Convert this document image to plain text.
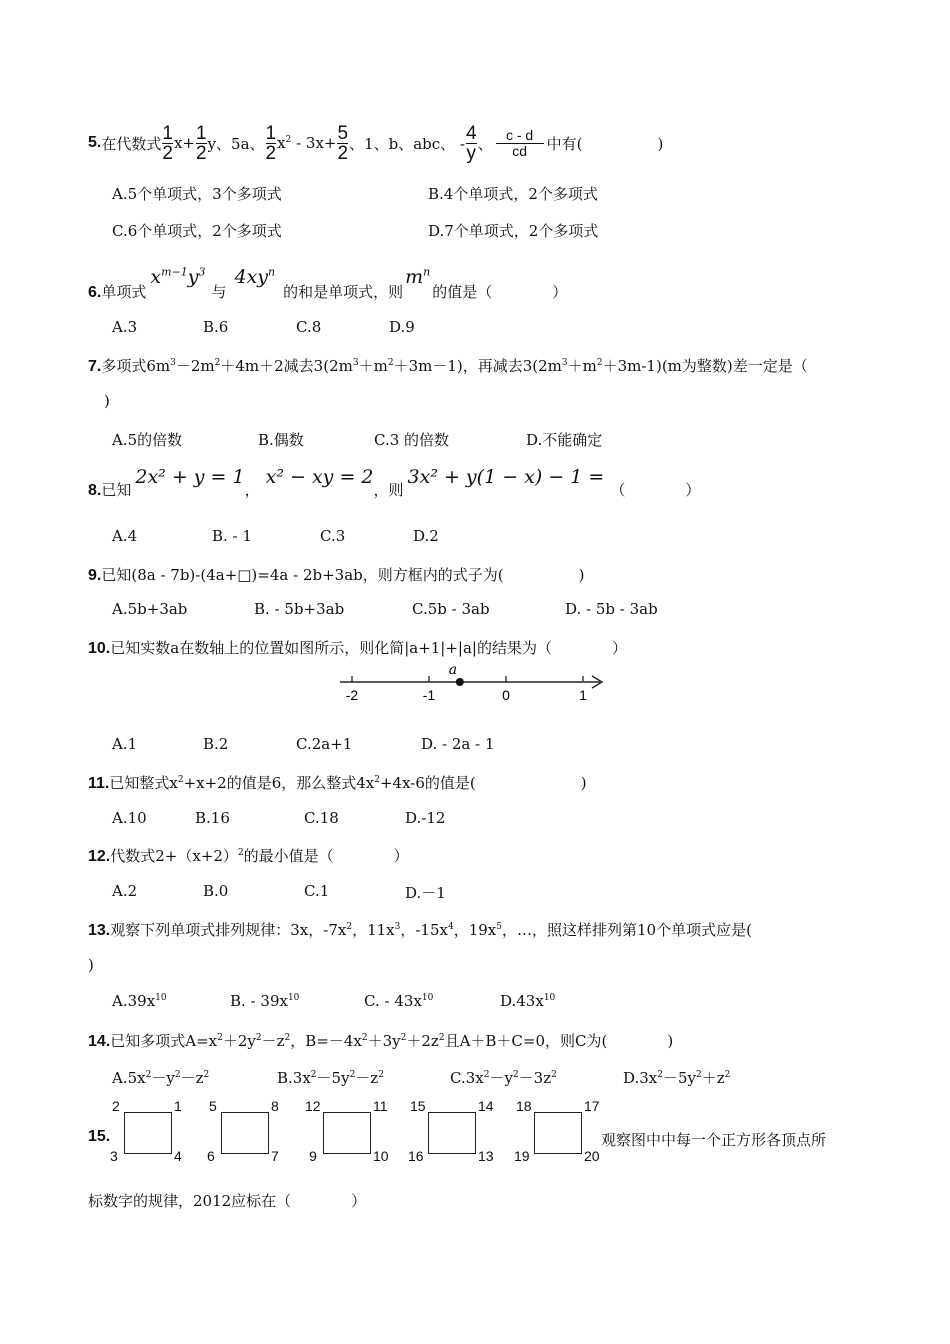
5. 在代数式 $\frac{1}{2} x+ \frac{1}{2}$ y、5a、 $\frac{1}{2} x^2 - 3x+ \frac{5}{2}$ 、1、b、abc、 - $\frac{4}{y}$ 、 $\frac{c - d}{cd}$ 中有(　　　　　)
A.5个单项式，3个多项式	B.4个单项式，2个多项式
C.6个单项式，2个多项式	D.7个单项式，2个多项式
6. 单项式
$x^{m-1}y^3$
与
$4xy^n$
的和是单项式，则
$m^n$
的值是（　　　　）
A.3	B.6	C.8	D.9
7.多项式$6m^3-2m^2+4m+2$减去$3(2m^3+m^2+3m-1)$，再减去$3(2m^3+m^2+3m-1)(m$为整数)差一定是（
)
A.5的倍数	B.偶数	C.3 的倍数	D.不能确定
8. 已知
2x² + y = 1
，
x² − xy = 2
，则
3x² + y(1 − x) − 1 =
（　　　　）
A.4	B. - 1	C.3	D.2
9.已知(8a - 7b)-(4a+□)=4a - 2b+3ab，则方框内的式子为(　　　　　)
A.5b+3ab	B. - 5b+3ab	C.5b - 3ab	D. - 5b - 3ab
10.已知实数a在数轴上的位置如图所示，则化简|a+1|+|a|的结果为（　　　　）
-2	-1	0	1
a
A.1	B.2	C.2a+1	D. - 2a - 1
11.已知整式$x^2+x+2$的值是6，那么整式$4x^2+4x-6$的值是(　　　　　　　)
A.10	B.16	C.18	D.-12
12.代数式$2+(x+2)^2$的最小值是（　　　　）
A.2	B.0	C.1	D.－1
13.观察下列单项式排列规律：3x，$-7x^2$，$11x^3$，$-15x^4$，$19x^5$，…，照这样排列第10个单项式应是(
)
$A.39x^{10}$	B. - $39x^{10}$	C. - $43x^{10}$	$D.43x^{10}$
14.已知多项式$A=x^2+2y^2-z^2$，$B=-4x^2+3y^2+2z^2$且A＋B＋C=0，则C为(　　　　)
$A.5x^2-y^2-z^2$	$B.3x^2-5y^2-z^2$	$C.3x^2-y^2-3z^2$	$D.3x^2-5y^2+z^2$
15.
2	1
3	4
5	8
6	7
12	11
9	10
15	14
16	13
18	17
19	20
观察图中中每一个正方形各顶点所
标数字的规律，2012应标在（　　　　）
